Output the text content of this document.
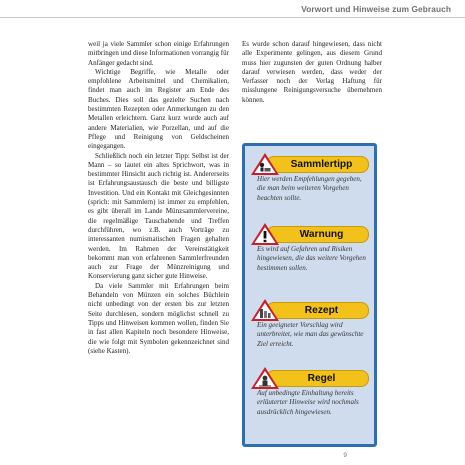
Vorwort und Hinweise zum Gebrauch

weil ja viele Sammler schon einige Erfahrungen mitbringen und diese Informationen vorrangig für Anfänger gedacht sind.

Wichtige Begriffe, wie Metalle oder empfohlene Arbeitsmittel und Chemikalien, findet man auch im Register am Ende des Buches. Dies soll das gezielte Suchen nach bestimmten Rezepten oder Anmerkungen zu den Metallen erleichtern. Ganz kurz wurde auch auf andere Materialien, wie Porzellan, und auf die Pflege und Reinigung von Geldscheinen eingegangen.

Schließlich noch ein letzter Tipp: Selbst ist der Mann – so lautet ein altes Sprichwort, was in bestimmter Hinsicht auch richtig ist. Andererseits ist Erfahrungsaustausch die beste und billigste Investition. Und ein Kontakt mit Gleichgesinnten (sprich: mit Sammlern) ist immer zu empfehlen, es gibt überall im Lande Münzsammlervereine, die regelmäßige Tauschabende und Treffen durchführen, wo z.B. auch Vorträge zu interessanten numismatischen Fragen gehalten werden. Im Rahmen der Vereinstätigkeit bekommt man von erfahrenen Sammlerfreunden auch zur Frage der Münzreinigung und Konservierung ganz sicher gute Hinweise.

Da viele Sammler mit Erfahrungen beim Behandeln von Münzen ein solches Büchlein nicht unbedingt von der ersten bis zur letzten Seite durchlesen, sondern möglichst schnell zu Tipps und Hinweisen kommen wollen, finden Sie in fast allen Kapiteln noch besondere Hinweise, die wie folgt mit Symbolen gekennzeichnet sind (siehe Kasten).

Es wurde schon darauf hingewiesen, dass nicht alle Experimente gelingen, aus diesem Grund muss hier zugunsten der guten Ordnung halber darauf verwiesen werden, dass weder der Verfasser noch der Verlag Haftung für misslungene Reinigungsversuche übernehmen können.

Sammlertipp
Hier werden Empfehlungen gegeben, die man beim weiteren Vorgehen beachten sollte.
Warnung
Es wird auf Gefahren und Risiken hingewiesen, die das weitere Vorgehen bestimmen sollen.
Rezept
Ein geeigneter Vorschlag wird unterbreitet, wie man das gewünschte Ziel erreicht.
Regel
Auf unbedingte Einhaltung bereits erläuterter Hinweise wird nochmals ausdrücklich hingewiesen.
9
